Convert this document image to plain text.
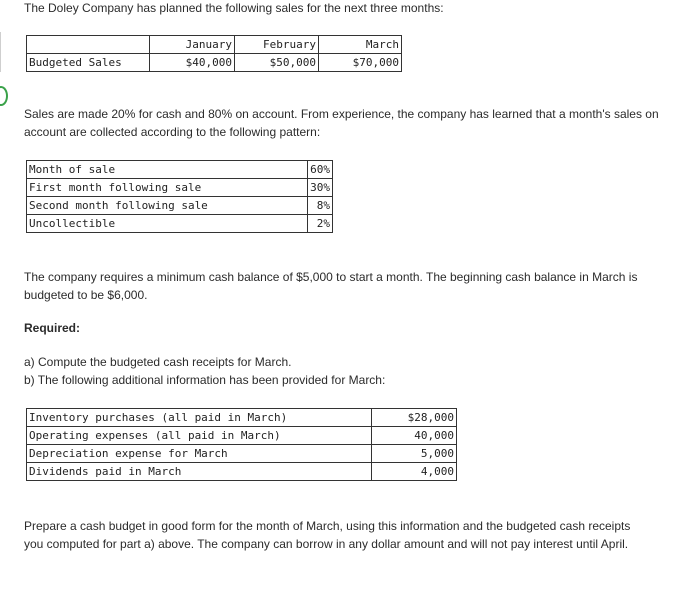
The Doley Company has planned the following sales for the next three months:
	January	February	March
Budgeted Sales	$40,000	$50,000	$70,000
Sales are made 20% for cash and 80% on account. From experience, the company has learned that a month's sales on account are collected according to the following pattern:
Month of sale	60%
First month following sale	30%
Second month following sale	8%
Uncollectible	2%
The company requires a minimum cash balance of $5,000 to start a month. The beginning cash balance in March is budgeted to be $6,000.
Required:
a) Compute the budgeted cash receipts for March.
b) The following additional information has been provided for March:
Inventory purchases (all paid in March)	$28,000
Operating expenses (all paid in March)	40,000
Depreciation expense for March	5,000
Dividends paid in March	4,000
Prepare a cash budget in good form for the month of March, using this information and the budgeted cash receipts you computed for part a) above. The company can borrow in any dollar amount and will not pay interest until April.
